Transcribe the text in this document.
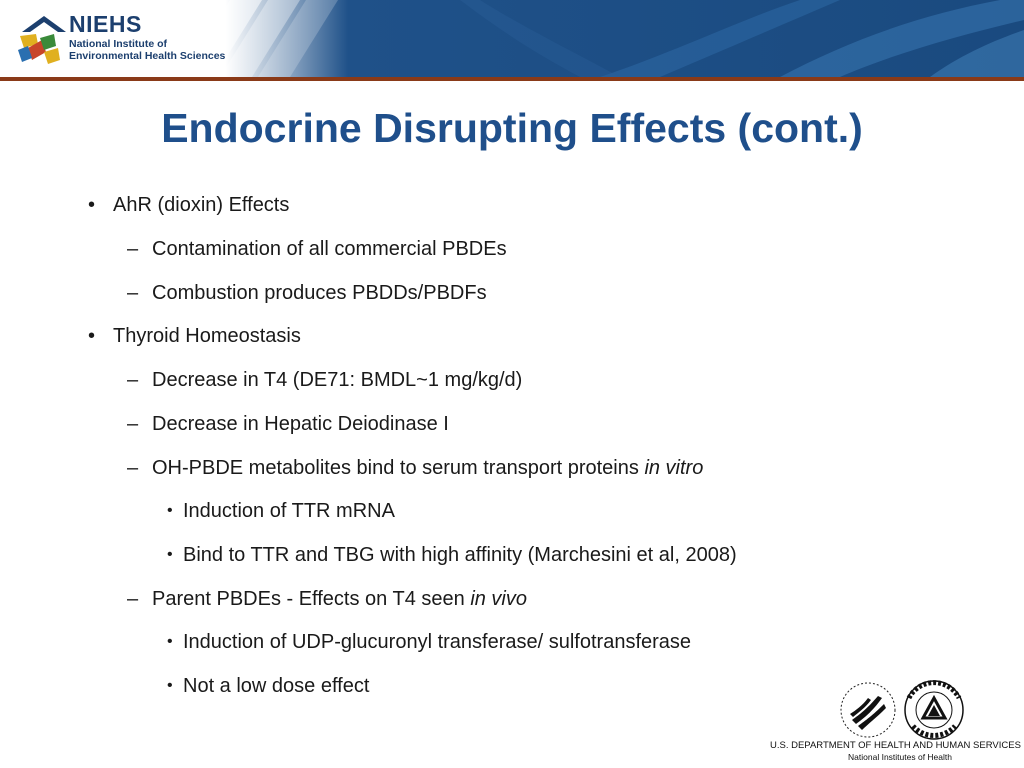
NIEHS
National Institute of
Environmental Health Sciences
Endocrine Disrupting Effects (cont.)
• AhR (dioxin) Effects
– Contamination of all commercial PBDEs
– Combustion produces PBDDs/PBDFs
• Thyroid Homeostasis
– Decrease in T4 (DE71: BMDL~1 mg/kg/d)
– Decrease in Hepatic Deiodinase I
– OH-PBDE metabolites bind to serum transport proteins in vitro
• Induction of TTR mRNA
• Bind to TTR and TBG with high affinity (Marchesini et al, 2008)
– Parent PBDEs - Effects on T4 seen in vivo
• Induction of UDP-glucuronyl transferase/ sulfotransferase
• Not a low dose effect
U.S. DEPARTMENT OF HEALTH AND HUMAN SERVICES
National Institutes of Health
